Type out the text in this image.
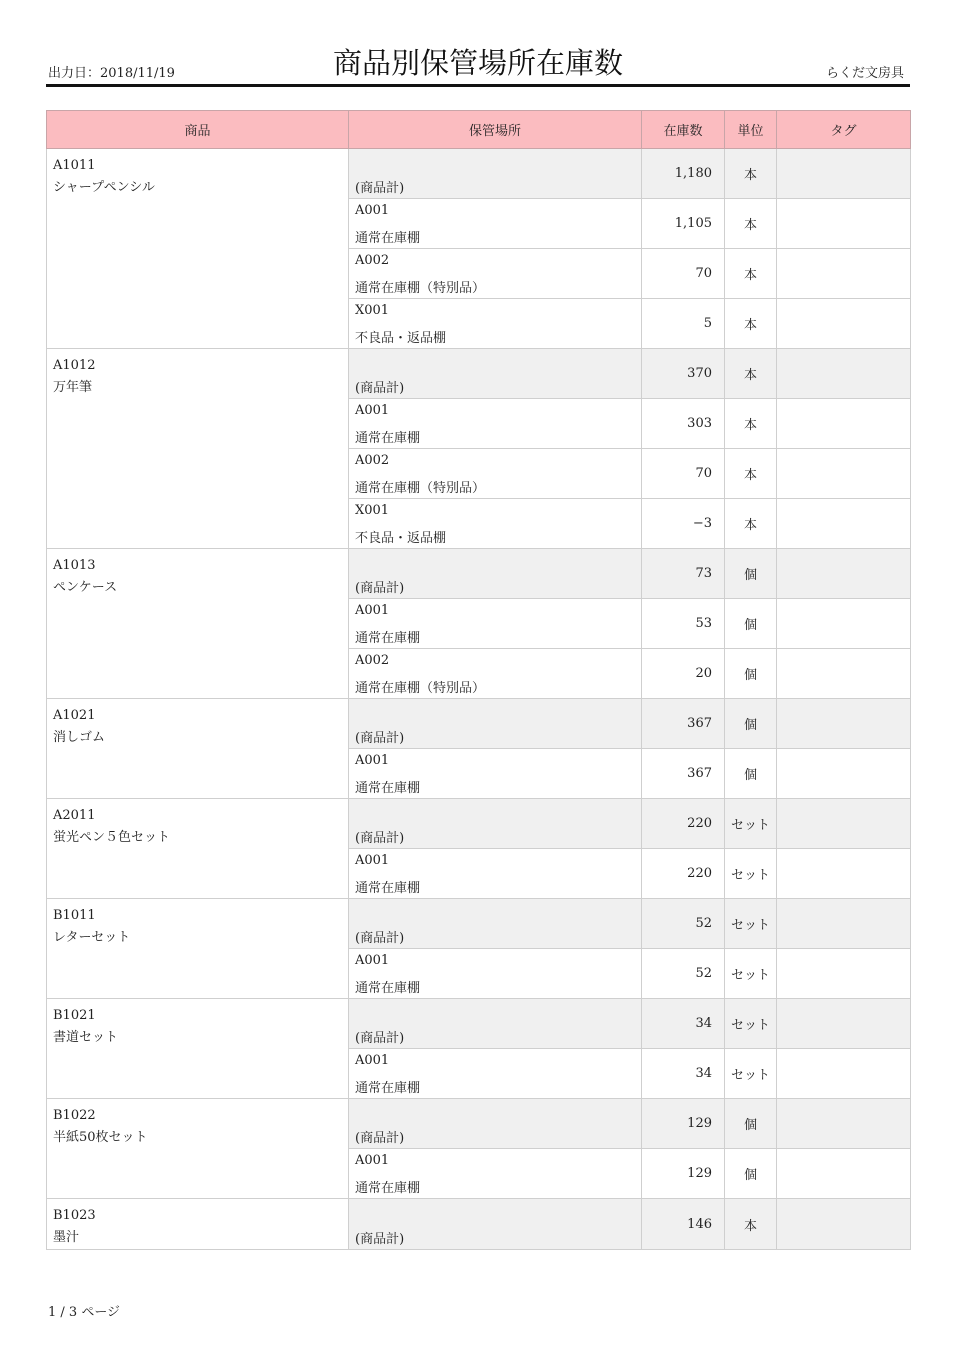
出力日：2018/11/19	商品別保管場所在庫数	らくだ文房具
商品	保管場所	在庫数	単位	タグ

A1011
シャープペンシル	(商品計)	1,180	本	

	A001
通常在庫棚	1,105	本	

	A002
通常在庫棚（特別品）	70	本	

	X001
不良品・返品棚	5	本	

A1012
万年筆	(商品計)	370	本	

	A001
通常在庫棚	303	本	

	A002
通常在庫棚（特別品）	70	本	

	X001
不良品・返品棚	−3	本	

A1013
ペンケース	(商品計)	73	個	

	A001
通常在庫棚	53	個	

	A002
通常在庫棚（特別品）	20	個	

A1021
消しゴム	(商品計)	367	個	

	A001
通常在庫棚	367	個	

A2011
蛍光ペン５色セット	(商品計)	220	セット	

	A001
通常在庫棚	220	セット	

B1011
レターセット	(商品計)	52	セット	

	A001
通常在庫棚	52	セット	

B1021
書道セット	(商品計)	34	セット	

	A001
通常在庫棚	34	セット	

B1022
半紙50枚セット	(商品計)	129	個	

	A001
通常在庫棚	129	個	

B1023
墨汁	(商品計)	146	本	
1 / 3 ページ
